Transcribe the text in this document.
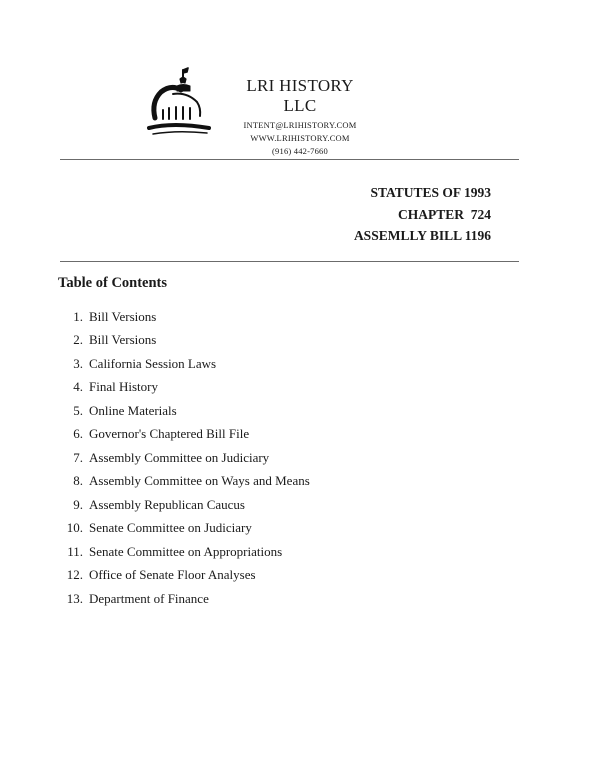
LRI HISTORY LLC
INTENT@LRIHISTORY.COM
WWW.LRIHISTORY.COM
(916) 442-7660
STATUTES OF 1993
CHAPTER  724
ASSEMLLY BILL 1196
Table of Contents
1. Bill Versions
2. Bill Versions
3. California Session Laws
4. Final History
5. Online Materials
6. Governor's Chaptered Bill File
7. Assembly Committee on Judiciary
8. Assembly Committee on Ways and Means
9. Assembly Republican Caucus
10. Senate Committee on Judiciary
11. Senate Committee on Appropriations
12. Office of Senate Floor Analyses
13. Department of Finance
